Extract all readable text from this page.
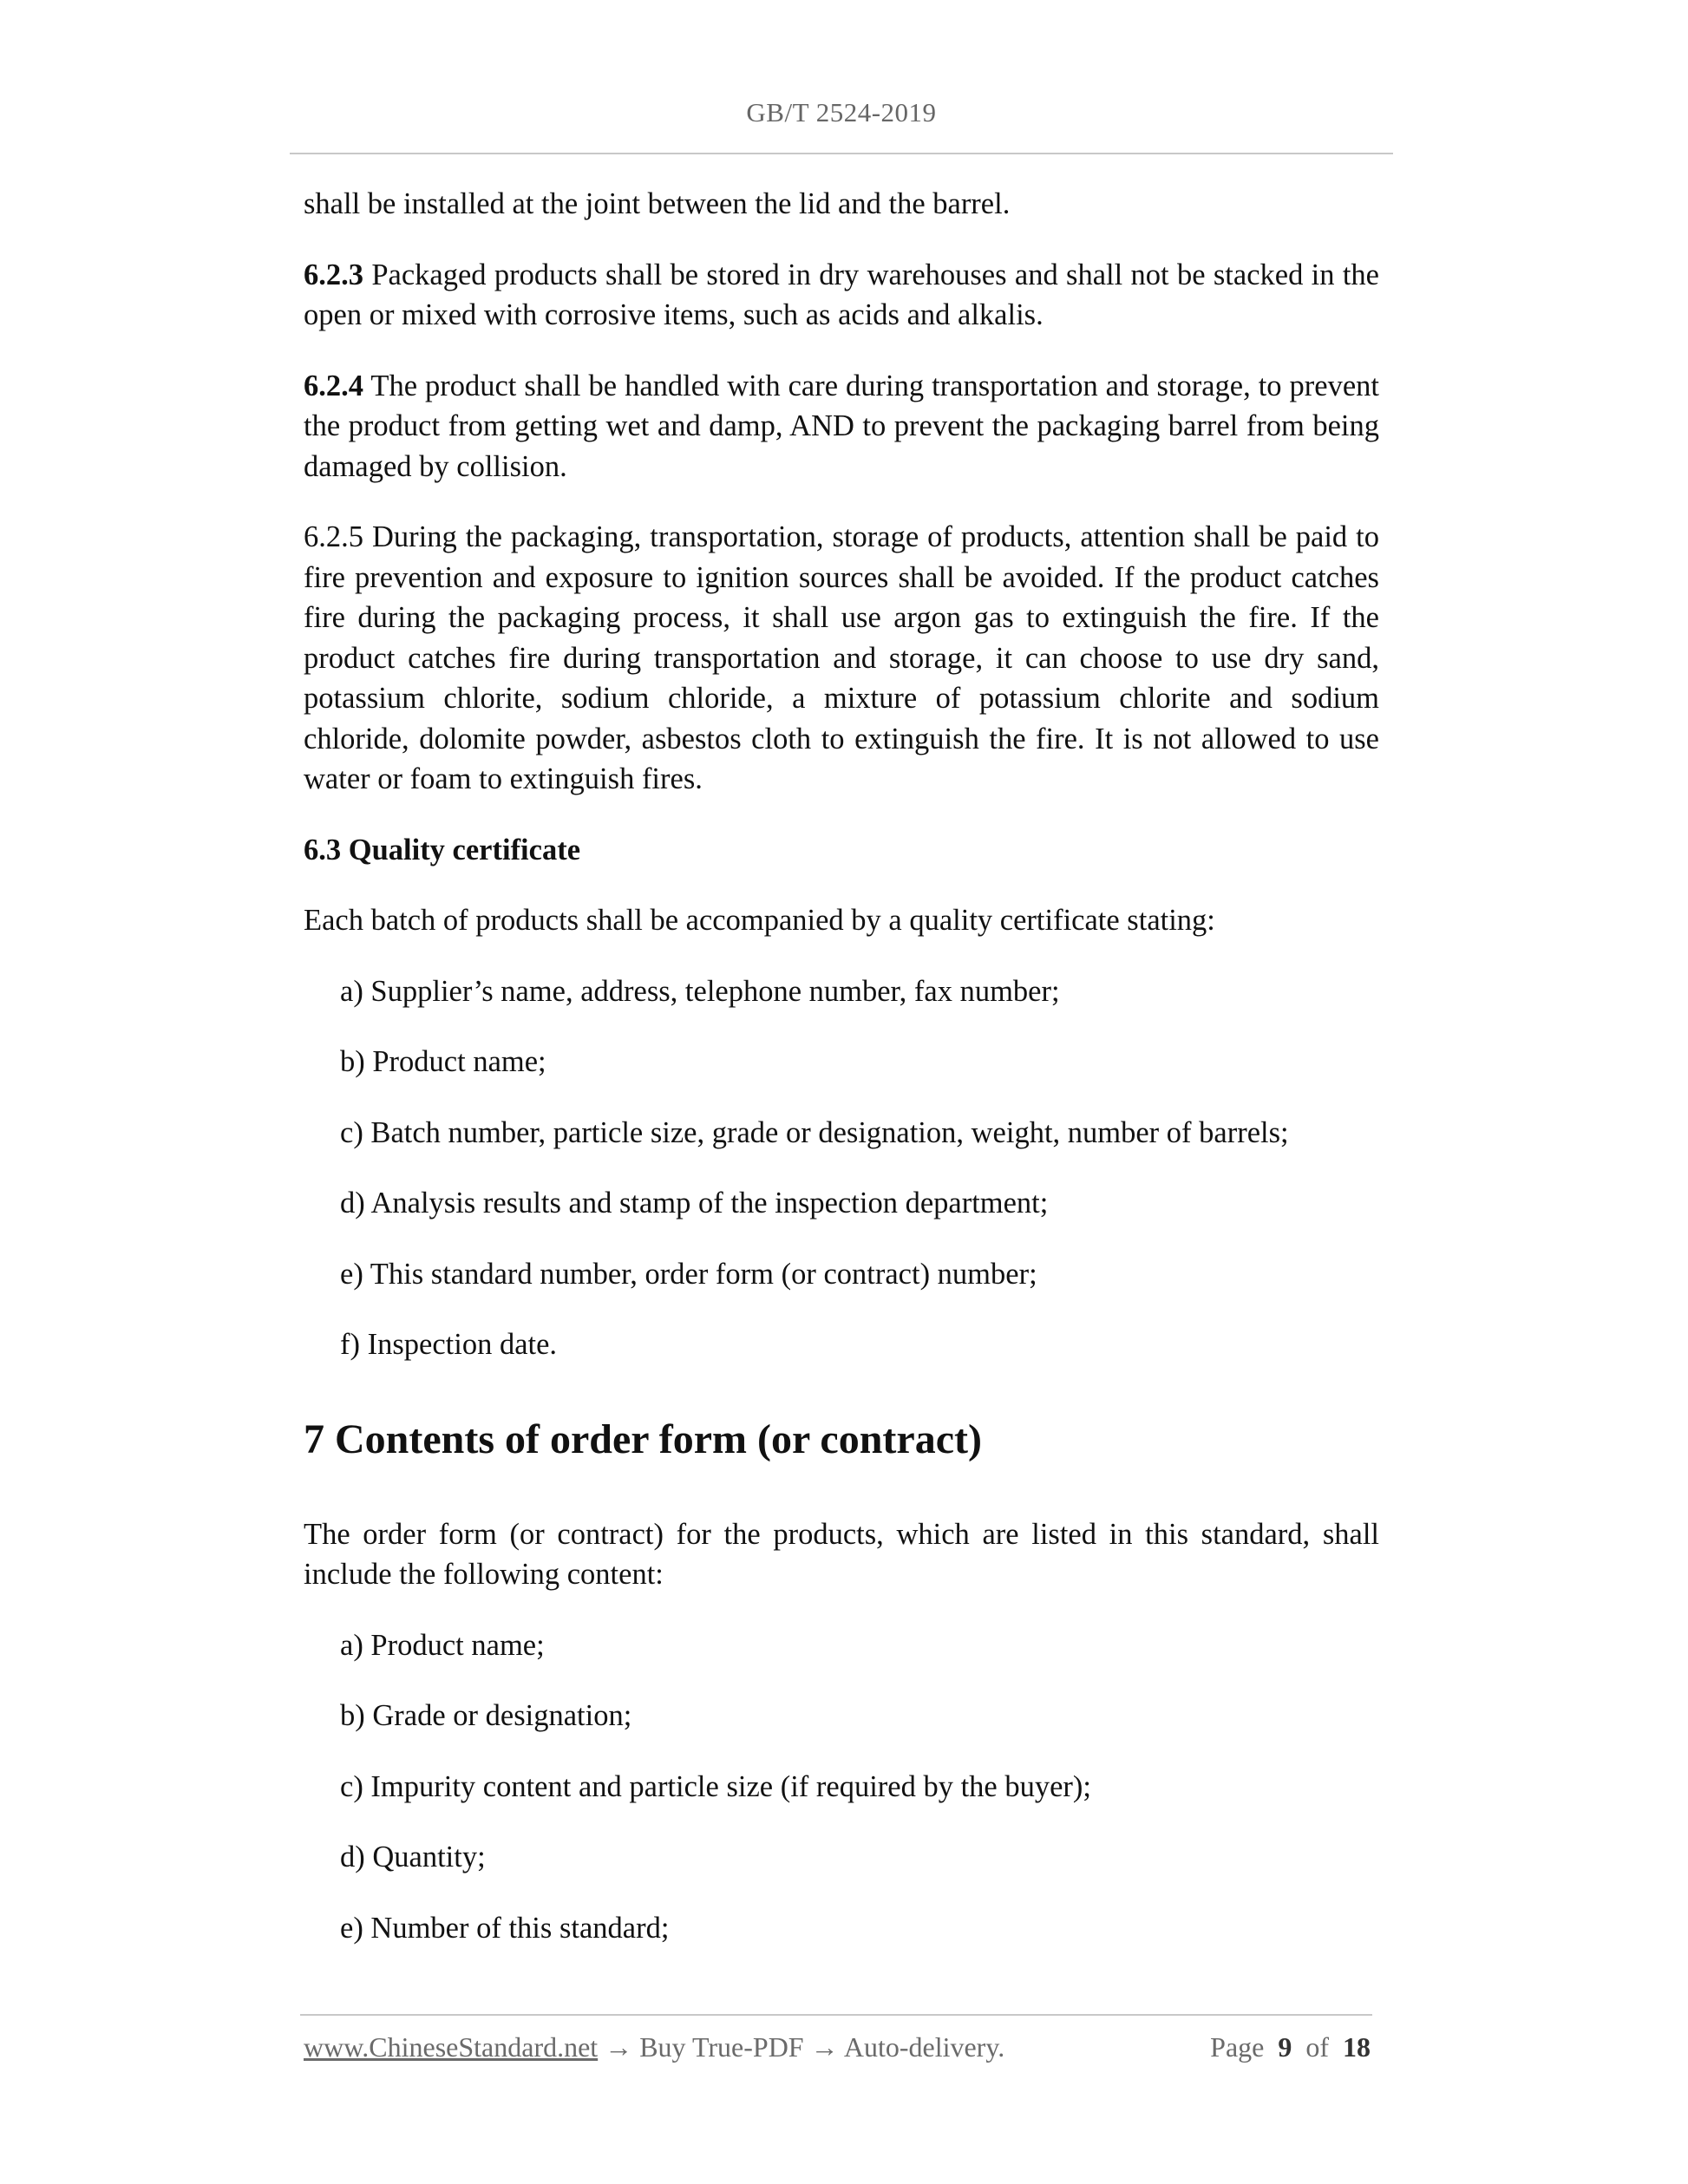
GB/T 2524-2019

shall be installed at the joint between the lid and the barrel.

6.2.3 Packaged products shall be stored in dry warehouses and shall not be stacked in the open or mixed with corrosive items, such as acids and alkalis.

6.2.4 The product shall be handled with care during transportation and storage, to prevent the product from getting wet and damp, AND to prevent the packaging barrel from being damaged by collision.

6.2.5 During the packaging, transportation, storage of products, attention shall be paid to fire prevention and exposure to ignition sources shall be avoided. If the product catches fire during the packaging process, it shall use argon gas to extinguish the fire. If the product catches fire during transportation and storage, it can choose to use dry sand, potassium chlorite, sodium chloride, a mixture of potassium chlorite and sodium chloride, dolomite powder, asbestos cloth to extinguish the fire. It is not allowed to use water or foam to extinguish fires.

6.3 Quality certificate

Each batch of products shall be accompanied by a quality certificate stating:

a) Supplier’s name, address, telephone number, fax number;
b) Product name;
c) Batch number, particle size, grade or designation, weight, number of barrels;
d) Analysis results and stamp of the inspection department;
e) This standard number, order form (or contract) number;
f) Inspection date.
7 Contents of order form (or contract)

The order form (or contract) for the products, which are listed in this standard, shall include the following content:

a) Product name;
b) Grade or designation;
c) Impurity content and particle size (if required by the buyer);
d) Quantity;
e) Number of this standard;
www.ChineseStandard.net → Buy True-PDF → Auto-delivery.	Page 9 of 18
